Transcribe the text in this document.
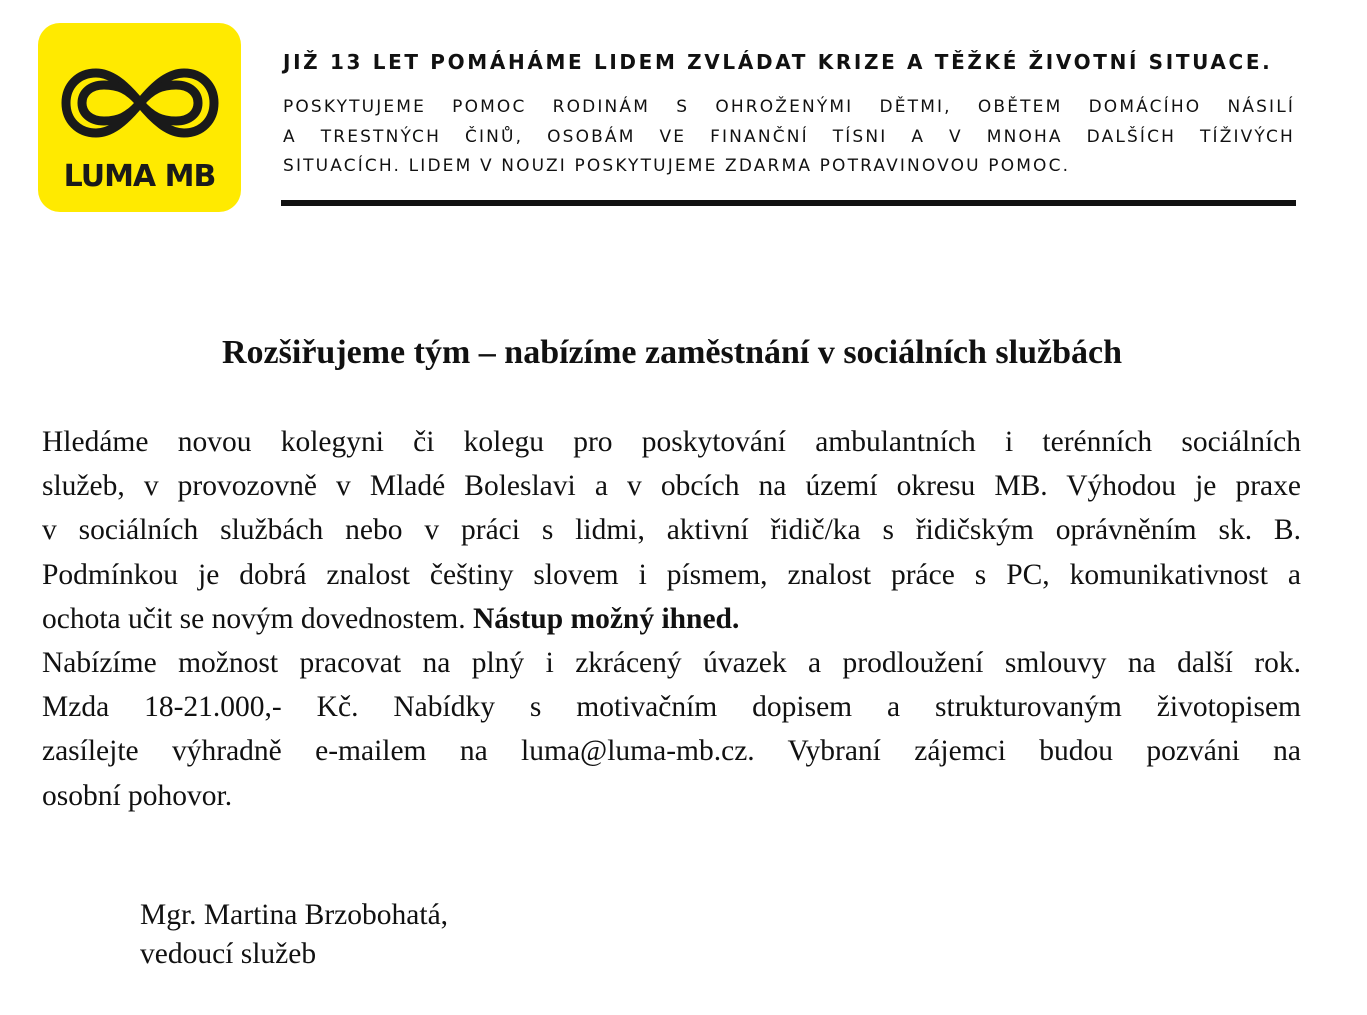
LUMA MB
JIŽ 13 LET POMÁHÁME LIDEM ZVLÁDAT KRIZE A TĚŽKÉ ŽIVOTNÍ SITUACE.
POSKYTUJEME POMOC RODINÁM S OHROŽENÝMI DĚTMI, OBĚTEM DOMÁCÍHO NÁSILÍ
A TRESTNÝCH ČINŮ, OSOBÁM VE FINANČNÍ TÍSNI A V MNOHA DALŠÍCH TÍŽIVÝCH
SITUACÍCH. LIDEM V NOUZI POSKYTUJEME ZDARMA POTRAVINOVOU POMOC.
Rozšiřujeme tým – nabízíme zaměstnání v sociálních službách
Hledáme novou kolegyni či kolegu pro poskytování ambulantních i terénních sociálních
služeb, v provozovně v Mladé Boleslavi a v obcích na území okresu MB. Výhodou je praxe
v sociálních službách nebo v práci s lidmi, aktivní řidič/ka s řidičským oprávněním sk. B.
Podmínkou je dobrá znalost češtiny slovem i písmem, znalost práce s PC, komunikativnost a
ochota učit se novým dovednostem. Nástup možný ihned.
Nabízíme možnost pracovat na plný i zkrácený úvazek a prodloužení smlouvy na další rok.
Mzda 18-21.000,- Kč. Nabídky s motivačním dopisem a strukturovaným životopisem
zasílejte výhradně e-mailem na luma@luma-mb.cz. Vybraní zájemci budou pozváni na
osobní pohovor.
Mgr. Martina Brzobohatá,
vedoucí služeb
